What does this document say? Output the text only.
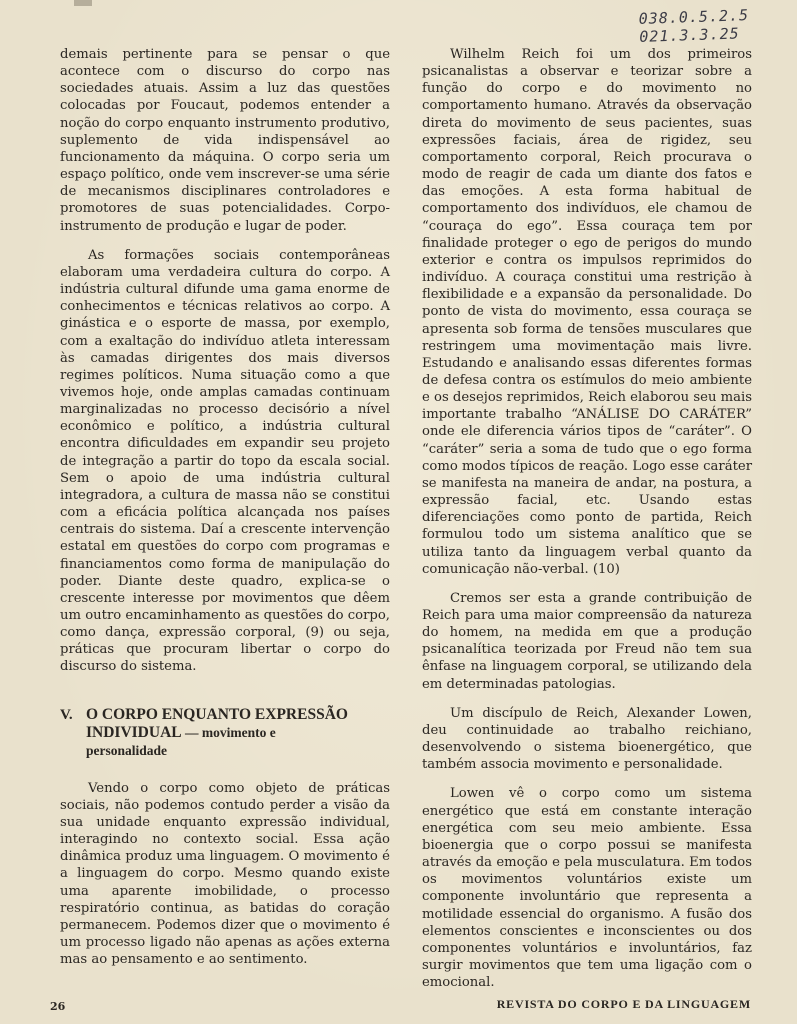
038.0.5.2.5
021.3.3.25

demais pertinente para se pensar o que acontece com o discurso do corpo nas sociedades atuais. Assim a luz das questões colocadas por Foucaut, podemos entender a noção do corpo enquanto instrumento produtivo, suplemento de vida indispensável ao funcionamento da máquina. O corpo seria um espaço político, onde vem inscrever-se uma série de mecanismos disciplinares controladores e promotores de suas potencialidades. Corpo-instrumento de produção e lugar de poder.

As formações sociais contemporâneas elaboram uma verdadeira cultura do corpo. A indústria cultural difunde uma gama enorme de conhecimentos e técnicas relativos ao corpo. A ginástica e o esporte de massa, por exemplo, com a exaltação do indivíduo atleta interessam às camadas dirigentes dos mais diversos regimes políticos. Numa situação como a que vivemos hoje, onde amplas camadas continuam marginalizadas no processo decisório a nível econômico e político, a indústria cultural encontra dificuldades em expandir seu projeto de integração a partir do topo da escala social. Sem o apoio de uma indústria cultural integradora, a cultura de massa não se constitui com a eficácia política alcançada nos países centrais do sistema. Daí a crescente intervenção estatal em questões do corpo com programas e financiamentos como forma de manipulação do poder. Diante deste quadro, explica-se o crescente interesse por movimentos que dêem um outro encaminhamento as questões do corpo, como dança, expressão corporal, (9) ou seja, práticas que procuram libertar o corpo do discurso do sistema.

V. O CORPO ENQUANTO EXPRESSÃO
INDIVIDUAL — movimento e
personalidade

Vendo o corpo como objeto de práticas sociais, não podemos contudo perder a visão da sua unidade enquanto expressão individual, interagindo no contexto social. Essa ação dinâmica produz uma linguagem. O movimento é a linguagem do corpo. Mesmo quando existe uma aparente imobilidade, o processo respiratório continua, as batidas do coração permanecem. Podemos dizer que o movimento é um processo ligado não apenas as ações externa mas ao pensamento e ao sentimento.

Wilhelm Reich foi um dos primeiros psicanalistas a observar e teorizar sobre a função do corpo e do movimento no comportamento humano. Através da observação direta do movimento de seus pacientes, suas expressões faciais, área de rigidez, seu comportamento corporal, Reich procurava o modo de reagir de cada um diante dos fatos e das emoções. A esta forma habitual de comportamento dos indivíduos, ele chamou de “couraça do ego”. Essa couraça tem por finalidade proteger o ego de perigos do mundo exterior e contra os impulsos reprimidos do indivíduo. A couraça constitui uma restrição à flexibilidade e a expansão da personalidade. Do ponto de vista do movimento, essa couraça se apresenta sob forma de tensões musculares que restringem uma movimentação mais livre. Estudando e analisando essas diferentes formas de defesa contra os estímulos do meio ambiente e os desejos reprimidos, Reich elaborou seu mais importante trabalho “ANÁLISE DO CARÁTER” onde ele diferencia vários tipos de “caráter”. O “caráter” seria a soma de tudo que o ego forma como modos típicos de reação. Logo esse caráter se manifesta na maneira de andar, na postura, a expressão facial, etc. Usando estas diferenciações como ponto de partida, Reich formulou todo um sistema analítico que se utiliza tanto da linguagem verbal quanto da comunicação não-verbal. (10)

Cremos ser esta a grande contribuição de Reich para uma maior compreensão da natureza do homem, na medida em que a produção psicanalítica teorizada por Freud não tem sua ênfase na linguagem corporal, se utilizando dela em determinadas patologias.

Um discípulo de Reich, Alexander Lowen, deu continuidade ao trabalho reichiano, desenvolvendo o sistema bioenergético, que também associa movimento e personalidade.

Lowen vê o corpo como um sistema energético que está em constante interação energética com seu meio ambiente. Essa bioenergia que o corpo possui se manifesta através da emoção e pela musculatura. Em todos os movimentos voluntários existe um componente involuntário que representa a motilidade essencial do organismo. A fusão dos elementos conscientes e inconscientes ou dos componentes voluntários e involuntários, faz surgir movimentos que tem uma ligação com o emocional.

26	REVISTA DO CORPO E DA LINGUAGEM
